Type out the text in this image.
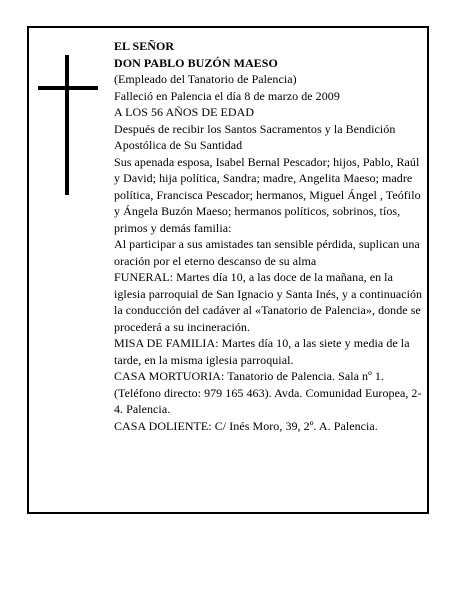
EL SEÑOR

DON PABLO BUZÓN MAESO

(Empleado del Tanatorio de Palencia)

Falleció en Palencia el día 8 de marzo de 2009

A LOS 56 AÑOS DE EDAD

Después de recibir los Santos Sacramentos y la Bendición Apostólica de Su Santidad

Sus apenada esposa, Isabel Bernal Pescador; hijos, Pablo, Raúl y David; hija política, Sandra; madre, Angelita Maeso; madre política, Francisca Pescador; hermanos, Miguel Ángel , Teófilo y Ángela Buzón Maeso; hermanos políticos, sobrinos, tíos, primos y demás familia:

Al participar a sus amistades tan sensible pérdida, suplican una oración por el eterno descanso de su alma

FUNERAL: Martes día 10, a las doce de la mañana, en la iglesia parroquial de San Ignacio y Santa Inés, y a continuación la conducción del cadáver al «Tanatorio de Palencia», donde se procederá a su incineración.

MISA DE FAMILIA: Martes día 10, a las siete y media de la tarde, en la misma iglesia parroquial.

CASA MORTUORIA: Tanatorio de Palencia. Sala nº 1. (Teléfono directo: 979 165 463). Avda. Comunidad Europea, 2-4. Palencia.

CASA DOLIENTE: C/ Inés Moro, 39, 2º. A. Palencia.
